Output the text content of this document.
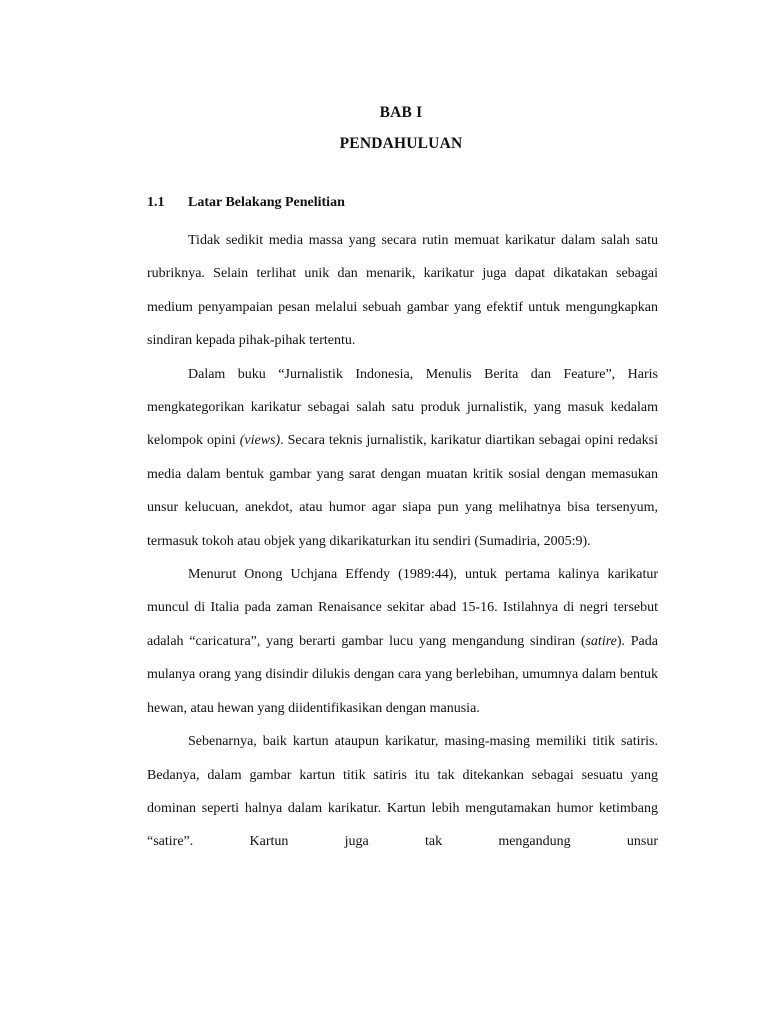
BAB I
PENDAHULUAN
1.1 Latar Belakang Penelitian

Tidak sedikit media massa yang secara rutin memuat karikatur dalam salah satu rubriknya. Selain terlihat unik dan menarik, karikatur juga dapat dikatakan sebagai medium penyampaian pesan melalui sebuah gambar yang efektif untuk mengungkapkan sindiran kepada pihak-pihak tertentu.

Dalam buku “Jurnalistik Indonesia, Menulis Berita dan Feature”, Haris mengkategorikan karikatur sebagai salah satu produk jurnalistik, yang masuk kedalam kelompok opini (views). Secara teknis jurnalistik, karikatur diartikan sebagai opini redaksi media dalam bentuk gambar yang sarat dengan muatan kritik sosial dengan memasukan unsur kelucuan, anekdot, atau humor agar siapa pun yang melihatnya bisa tersenyum, termasuk tokoh atau objek yang dikarikaturkan itu sendiri (Sumadiria, 2005:9).

Menurut Onong Uchjana Effendy (1989:44), untuk pertama kalinya karikatur muncul di Italia pada zaman Renaisance sekitar abad 15-16. Istilahnya di negri tersebut adalah “caricatura”, yang berarti gambar lucu yang mengandung sindiran (satire). Pada mulanya orang yang disindir dilukis dengan cara yang berlebihan, umumnya dalam bentuk hewan, atau hewan yang diidentifikasikan dengan manusia.

Sebenarnya, baik kartun ataupun karikatur, masing-masing memiliki titik satiris. Bedanya, dalam gambar kartun titik satiris itu tak ditekankan sebagai sesuatu yang dominan seperti halnya dalam karikatur. Kartun lebih mengutamakan humor ketimbang “satire”. Kartun juga tak mengandung unsur
